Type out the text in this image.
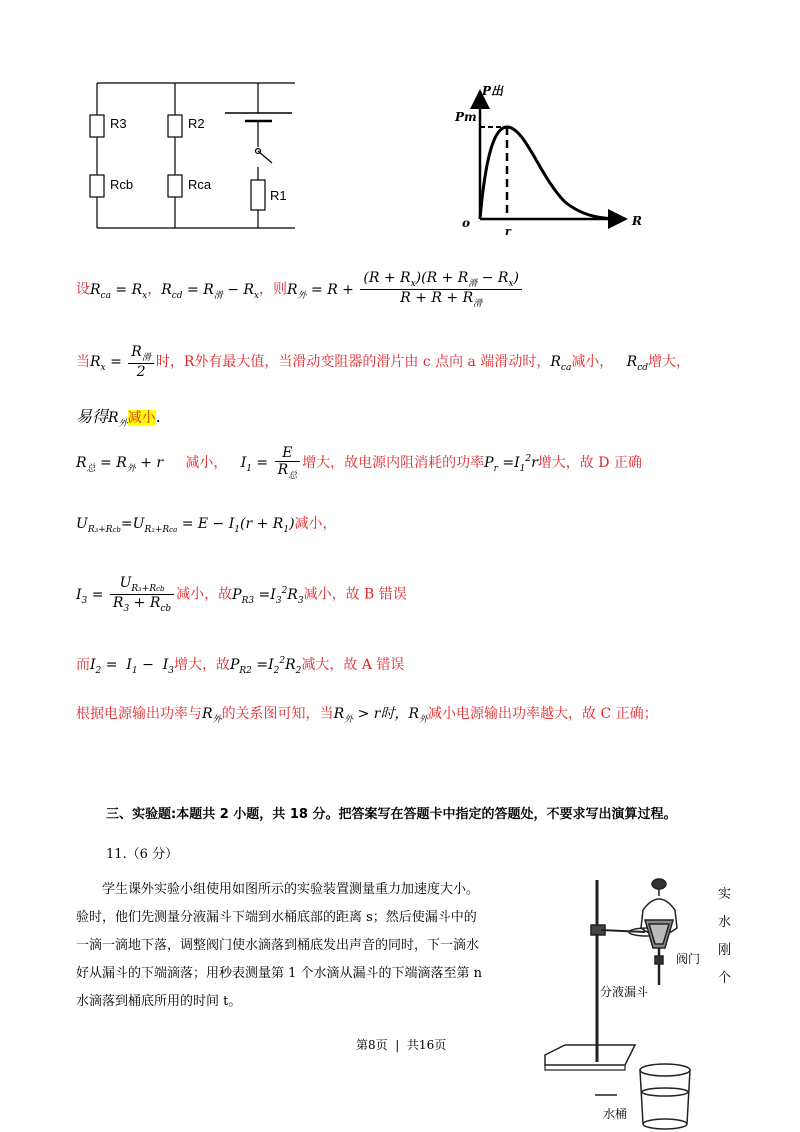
R3
Rcb
R2
Rca
R1
P出
Pm
o
r
R
设$R_{ca} = R_x$，$R_{cd} = R_滑 - R_x$，则$R_外 = R + \frac{(R + R_x)(R + R_滑 - R_x)}{R + R + R_滑}$
当$R_x = \frac{R_滑}{2}$ 时，R外有最大值，当滑动变阻器的滑片由 c 点向 a 端滑动时，$R_{ca}$减小， $R_{cd}$增大，
易得$R_外$减小.
$R_总 = R_外 + r$ 减小， $I_1 = \frac{E}{R_总}$ 增大，故电源内阻消耗的功率$P_r =I_1^2r$增大，故 D 正确
$U_{R_3+Rcb}=U_{R_2+Rca} = E - I_1(r + R_1)$减小，
$I_3 = \frac{U_{R_3+Rcb}}{R_3 + R_{cb}}$ 减小，故$P_{R3} =I_3^2R_3$减小，故 B 错误
而$I_2 = I_1 - I_3$增大，故$P_{R2} =I_2^2R_2$减大，故 A 错误
根据电源输出功率与$R_外$的关系图可知，当$R_外 > r$时，$R_外$减小电源输出功率越大，故 C 正确；
三、实验题:本题共 2 小题，共 18 分。把答案写在答题卡中指定的答题处，不要求写出演算过程。
11.（6 分）
学生课外实验小组使用如图所示的实验装置测量重力加速度大小。
验时，他们先测量分液漏斗下端到水桶底部的距离 s；然后使漏斗中的
一滴一滴地下落，调整阀门使水滴落到桶底发出声音的同时，下一滴水
好从漏斗的下端滴落；用秒表测量第 1 个水滴从漏斗的下端滴落至第 n
水滴落到桶底所用的时间 t。
实
水
刚
个
阀门
分液漏斗
水桶
第8页  |  共16页
